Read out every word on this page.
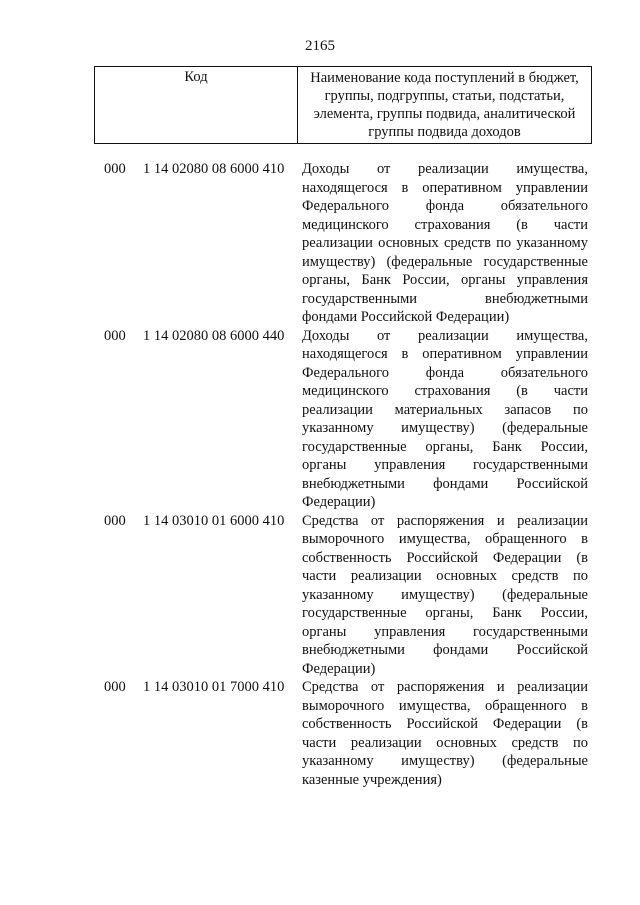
2165
Код	Наименование кода поступлений в бюджет,
группы, подгруппы, статьи, подстатьи,
элемента, группы подвида, аналитической
группы подвида доходов
000 1 14 02080 08 6000 410 Доходы от реализации имущества,
находящегося в оперативном управлении
Федерального фонда обязательного
медицинского страхования (в части
реализации основных средств по указанному
имуществу) (федеральные государственные
органы, Банк России, органы управления
государственными внебюджетными
фондами Российской Федерации)
000 1 14 02080 08 6000 440 Доходы от реализации имущества,
находящегося в оперативном управлении
Федерального фонда обязательного
медицинского страхования (в части
реализации материальных запасов по
указанному имуществу) (федеральные
государственные органы, Банк России,
органы управления государственными
внебюджетными фондами Российской
Федерации)
000 1 14 03010 01 6000 410 Средства от распоряжения и реализации
выморочного имущества, обращенного в
собственность Российской Федерации (в
части реализации основных средств по
указанному имуществу) (федеральные
государственные органы, Банк России,
органы управления государственными
внебюджетными фондами Российской
Федерации)
000 1 14 03010 01 7000 410 Средства от распоряжения и реализации
выморочного имущества, обращенного в
собственность Российской Федерации (в
части реализации основных средств по
указанному имуществу) (федеральные
казенные учреждения)
